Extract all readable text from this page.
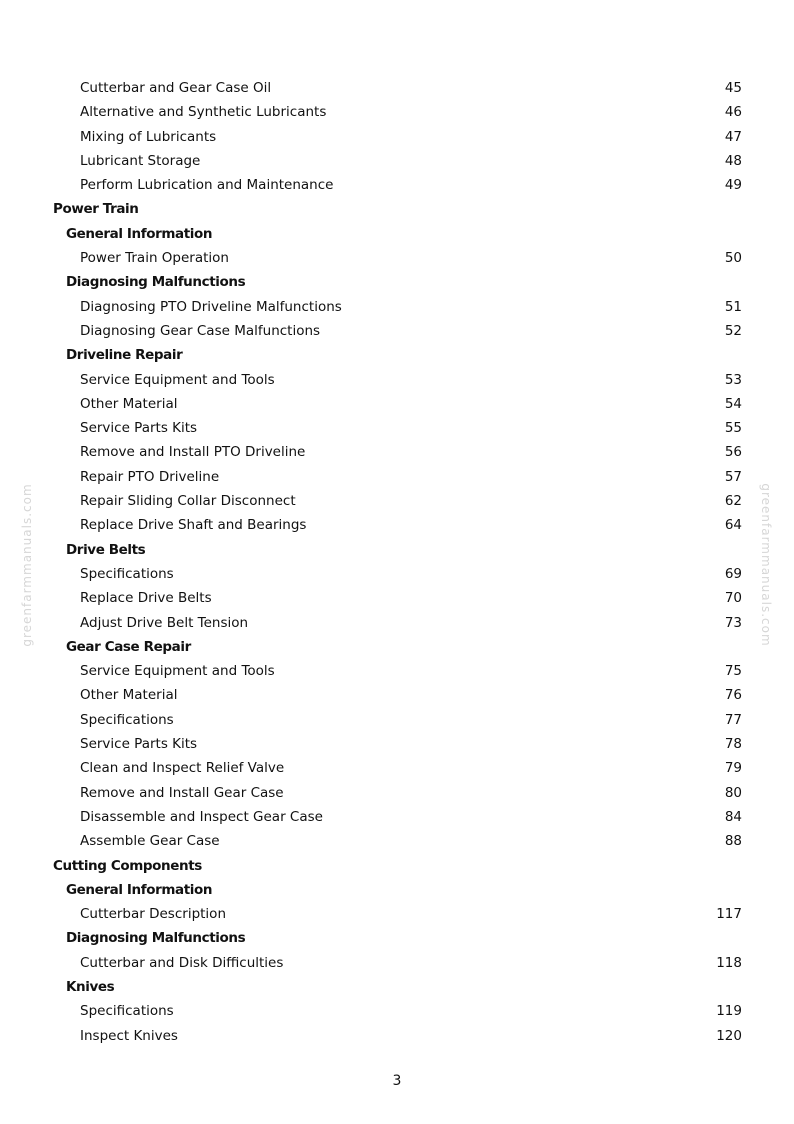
Cutterbar and Gear Case Oil	45
Alternative and Synthetic Lubricants	46
Mixing of Lubricants	47
Lubricant Storage	48
Perform Lubrication and Maintenance	49
Power Train
General Information
Power Train Operation	50
Diagnosing Malfunctions
Diagnosing PTO Driveline Malfunctions	51
Diagnosing Gear Case Malfunctions	52
Driveline Repair
Service Equipment and Tools	53
Other Material	54
Service Parts Kits	55
Remove and Install PTO Driveline	56
Repair PTO Driveline	57
Repair Sliding Collar Disconnect	62
Replace Drive Shaft and Bearings	64
Drive Belts
Specifications	69
Replace Drive Belts	70
Adjust Drive Belt Tension	73
Gear Case Repair
Service Equipment and Tools	75
Other Material	76
Specifications	77
Service Parts Kits	78
Clean and Inspect Relief Valve	79
Remove and Install Gear Case	80
Disassemble and Inspect Gear Case	84
Assemble Gear Case	88
Cutting Components
General Information
Cutterbar Description	117
Diagnosing Malfunctions
Cutterbar and Disk Difficulties	118
Knives
Specifications	119
Inspect Knives	120
greenfarmmanuals.com	greenfarmmanuals.com
3
